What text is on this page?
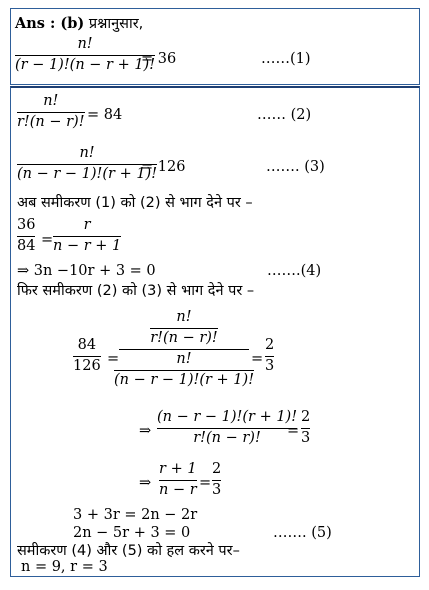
Ans : (b) प्रश्नानुसार,
n!
(r − 1)!(n − r + 1)!
= 36	……(1)
n!
r!(n − r)! = 84	…… (2)
n!
(n − r − 1)!(r + 1)!
= 126	……. (3)
अब समीकरण (1) को (2) से भाग देने पर –
36
84 =
r
n − r + 1
⇒ 3n −10r + 3 = 0	…….(4)
फिर समीकरण (2) को (3) से भाग देने पर –
84
126 =
$\frac{n!}{r!(n - r)!}$
$\frac{n!}{(n - r - 1)!(r + 1)!}$
=
2
3
⇒
(n − r − 1)!(r + 1)!
r!(n − r)! =
2
3
⇒
r + 1
n − r =
2
3
3 + 3r = 2n − 2r
2n − 5r + 3 = 0	……. (5)
समीकरण (4) और (5) को हल करने पर–
n = 9, r = 3
